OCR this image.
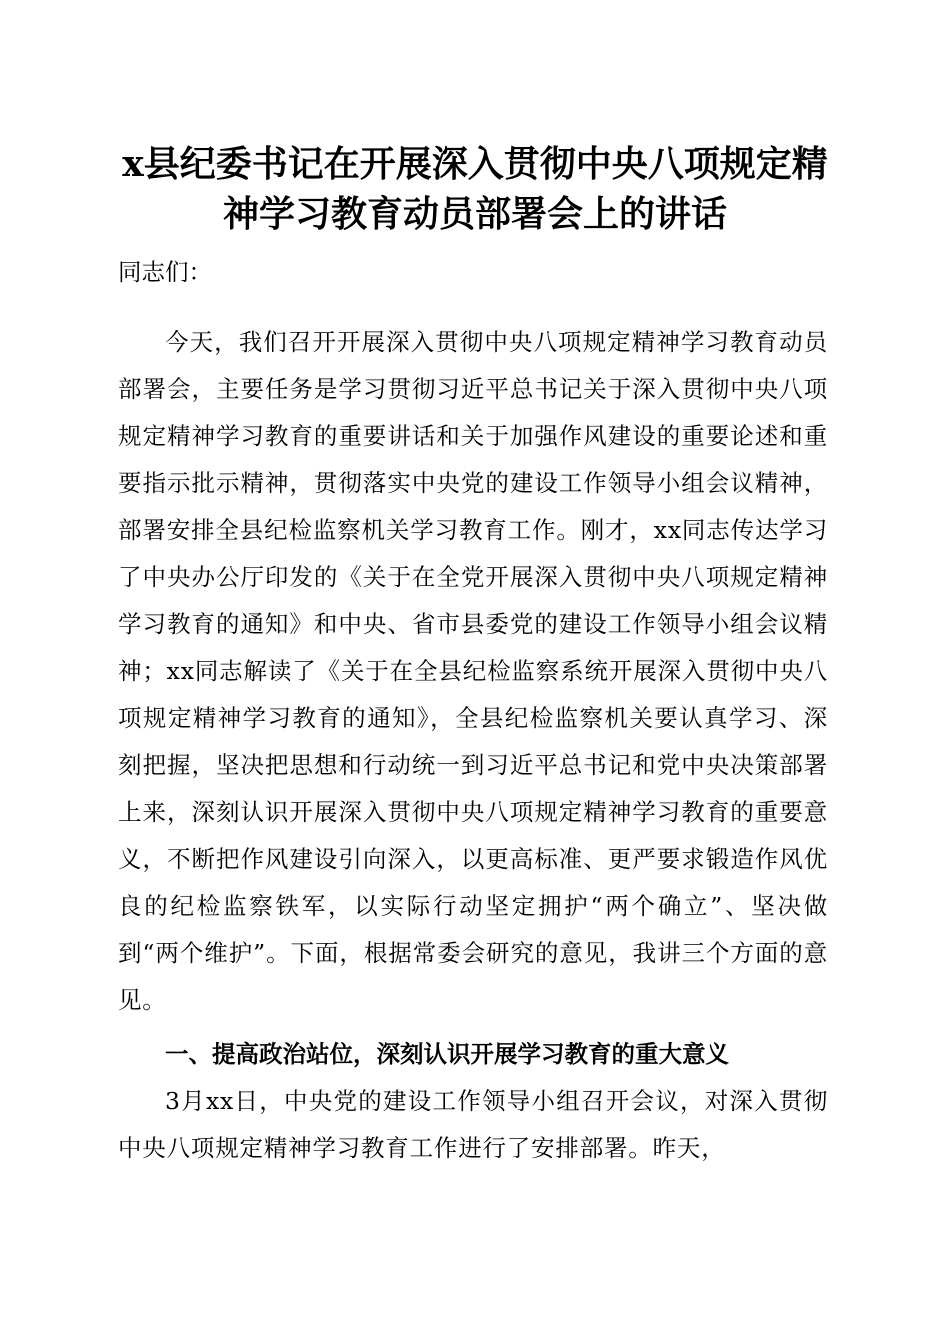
x县纪委书记在开展深入贯彻中央八项规定精
神学习教育动员部署会上的讲话
同志们：
今天，我们召开开展深入贯彻中央八项规定精神学习教育动员部署会，主要任务是学习贯彻习近平总书记关于深入贯彻中央八项规定精神学习教育的重要讲话和关于加强作风建设的重要论述和重要指示批示精神，贯彻落实中央党的建设工作领导小组会议精神，部署安排全县纪检监察机关学习教育工作。刚才，xx同志传达学习了中央办公厅印发的《关于在全党开展深入贯彻中央八项规定精神学习教育的通知》和中央、省市县委党的建设工作领导小组会议精神；xx同志解读了《关于在全县纪检监察系统开展深入贯彻中央八项规定精神学习教育的通知》，全县纪检监察机关要认真学习、深刻把握，坚决把思想和行动统一到习近平总书记和党中央决策部署上来，深刻认识开展深入贯彻中央八项规定精神学习教育的重要意义，不断把作风建设引向深入，以更高标准、更严要求锻造作风优良的纪检监察铁军，以实际行动坚定拥护“两个确立”、坚决做到“两个维护”。下面，根据常委会研究的意见，我讲三个方面的意见。
一、提高政治站位，深刻认识开展学习教育的重大意义
3月xx日，中央党的建设工作领导小组召开会议，对深入贯彻中央八项规定精神学习教育工作进行了安排部署。昨天，
